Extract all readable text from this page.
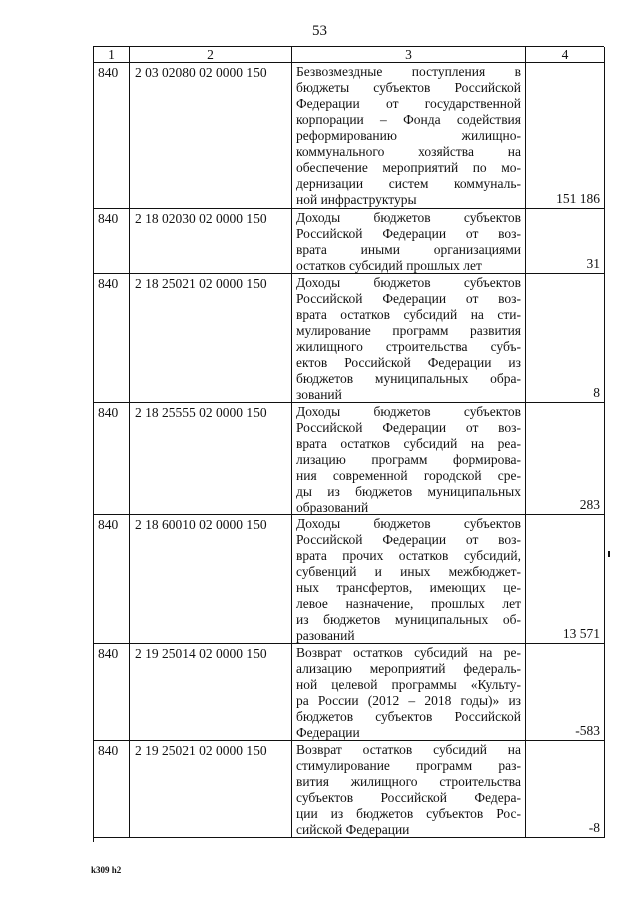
53
1	2	3	4
840	2 03 02080 02 0000 150	Безвозмездные поступления в
бюджеты субъектов Российской
Федерации от государственной
корпорации – Фонда содействия
реформированию жилищно-
коммунального хозяйства на
обеспечение мероприятий по мо-
дернизации систем коммуналь-
ной инфраструктуры	151 186
840	2 18 02030 02 0000 150	Доходы бюджетов субъектов
Российской Федерации от воз-
врата иными организациями
остатков субсидий прошлых лет	31
840	2 18 25021 02 0000 150	Доходы бюджетов субъектов
Российской Федерации от воз-
врата остатков субсидий на сти-
мулирование программ развития
жилищного строительства субъ-
ектов Российской Федерации из
бюджетов муниципальных обра-
зований	8
840	2 18 25555 02 0000 150	Доходы бюджетов субъектов
Российской Федерации от воз-
врата остатков субсидий на реа-
лизацию программ формирова-
ния современной городской сре-
ды из бюджетов муниципальных
образований	283
840	2 18 60010 02 0000 150	Доходы бюджетов субъектов
Российской Федерации от воз-
врата прочих остатков субсидий,
субвенций и иных межбюджет-
ных трансфертов, имеющих це-
левое назначение, прошлых лет
из бюджетов муниципальных об-
разований	13 571
840	2 19 25014 02 0000 150	Возврат остатков субсидий на ре-
ализацию мероприятий федераль-
ной целевой программы «Культу-
ра России (2012 – 2018 годы)» из
бюджетов субъектов Российской
Федерации	-583
840	2 19 25021 02 0000 150	Возврат остатков субсидий на
стимулирование программ раз-
вития жилищного строительства
субъектов Российской Федера-
ции из бюджетов субъектов Рос-
сийской Федерации	-8
k309 h2
